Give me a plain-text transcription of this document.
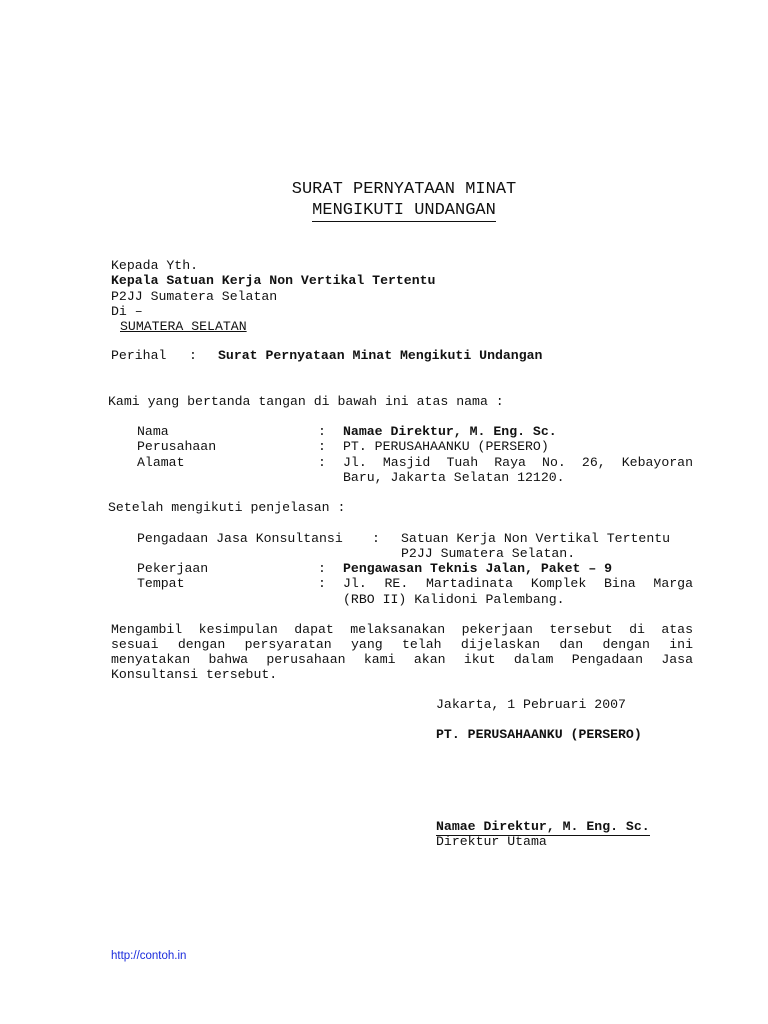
SURAT PERNYATAAN MINAT
MENGIKUTI UNDANGAN
Kepada Yth.
Kepala Satuan Kerja Non Vertikal Tertentu
P2JJ Sumatera Selatan
Di –
SUMATERA SELATAN
Perihal : Surat Pernyataan Minat Mengikuti Undangan
Kami yang bertanda tangan di bawah ini atas nama :
Nama	: Namae Direktur, M. Eng. Sc.
Perusahaan	: PT. PERUSAHAANKU (PERSERO)
Alamat	: Jl. Masjid Tuah Raya No. 26, Kebayoran
Baru, Jakarta Selatan 12120.
Setelah mengikuti penjelasan :
Pengadaan Jasa Konsultansi : Satuan Kerja Non Vertikal Tertentu
P2JJ Sumatera Selatan.
Pekerjaan	: Pengawasan Teknis Jalan, Paket – 9
Tempat	: Jl. RE. Martadinata Komplek Bina Marga
(RBO II) Kalidoni Palembang.
Mengambil kesimpulan dapat melaksanakan pekerjaan tersebut di atas
sesuai dengan persyaratan yang telah dijelaskan dan dengan ini
menyatakan bahwa perusahaan kami akan ikut dalam Pengadaan Jasa
Konsultansi tersebut.
Jakarta, 1 Pebruari 2007
PT. PERUSAHAANKU (PERSERO)
Namae Direktur, M. Eng. Sc.
Direktur Utama
http://contoh.in
